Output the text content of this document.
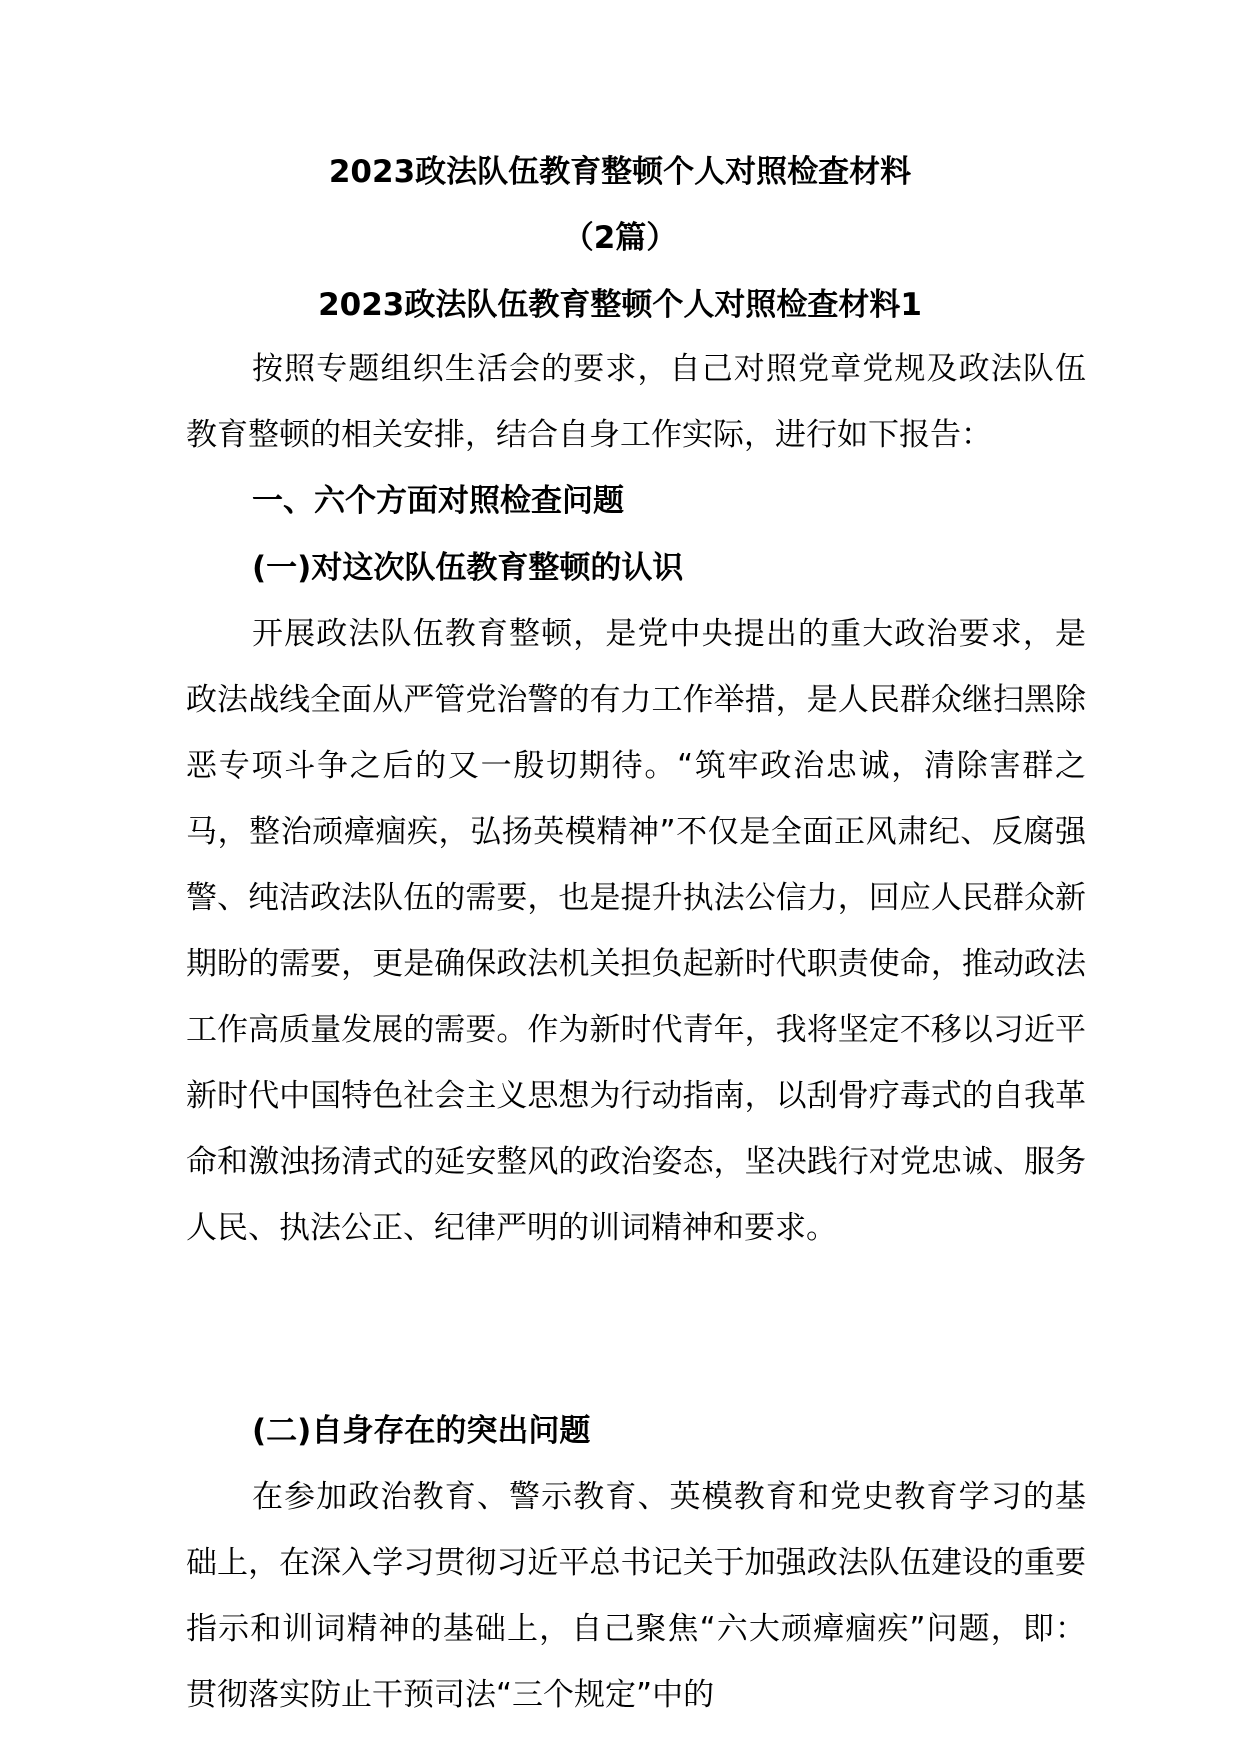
2023政法队伍教育整顿个人对照检查材料
（2篇）
2023政法队伍教育整顿个人对照检查材料1

按照专题组织生活会的要求，自己对照党章党规及政法队伍教育整顿的相关安排，结合自身工作实际，进行如下报告：

一、六个方面对照检查问题

(一)对这次队伍教育整顿的认识

开展政法队伍教育整顿，是党中央提出的重大政治要求，是政法战线全面从严管党治警的有力工作举措，是人民群众继扫黑除恶专项斗争之后的又一殷切期待。“筑牢政治忠诚，清除害群之马，整治顽瘴痼疾，弘扬英模精神”不仅是全面正风肃纪、反腐强警、纯洁政法队伍的需要，也是提升执法公信力，回应人民群众新期盼的需要，更是确保政法机关担负起新时代职责使命，推动政法工作高质量发展的需要。作为新时代青年，我将坚定不移以习近平新时代中国特色社会主义思想为行动指南，以刮骨疗毒式的自我革命和激浊扬清式的延安整风的政治姿态，坚决践行对党忠诚、服务人民、执法公正、纪律严明的训词精神和要求。

(二)自身存在的突出问题

在参加政治教育、警示教育、英模教育和党史教育学习的基础上，在深入学习贯彻习近平总书记关于加强政法队伍建设的重要指示和训词精神的基础上，自己聚焦“六大顽瘴痼疾”问题，即：贯彻落实防止干预司法“三个规定”中的
